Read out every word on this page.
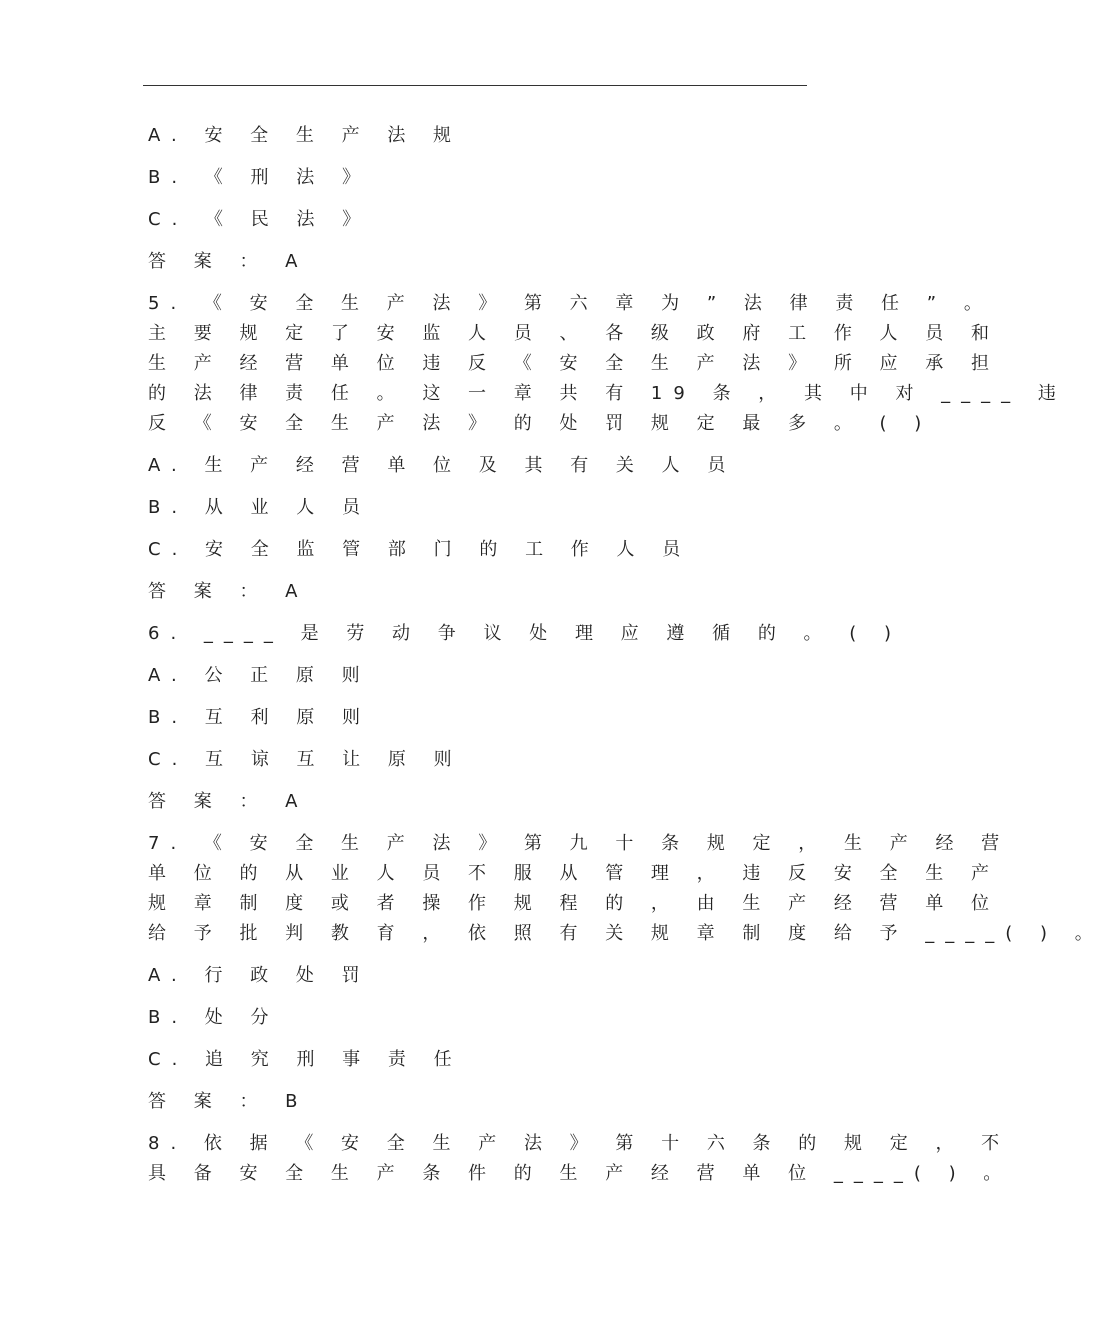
A. 安 全 生 产 法 规
B. 《 刑 法 》
C. 《 民 法 》
答 案 ： A
5. 《 安 全 生 产 法 》 第 六 章 为 ” 法 律 责 任 ” 。
主 要 规 定 了 安 监 人 员 、 各 级 政 府 工 作 人 员 和
生 产 经 营 单 位 违 反 《 安 全 生 产 法 》 所 应 承 担
的 法 律 责 任 。 这 一 章 共 有 19 条 ， 其 中 对 ____ 违
反 《 安 全 生 产 法 》 的 处 罚 规 定 最 多 。 ( )
A. 生 产 经 营 单 位 及 其 有 关 人 员
B. 从 业 人 员
C. 安 全 监 管 部 门 的 工 作 人 员
答 案 ： A
6. ____ 是 劳 动 争 议 处 理 应 遵 循 的 。 ( )
A. 公 正 原 则
B. 互 利 原 则
C. 互 谅 互 让 原 则
答 案 ： A
7. 《 安 全 生 产 法 》 第 九 十 条 规 定 ， 生 产 经 营
单 位 的 从 业 人 员 不 服 从 管 理 ， 违 反 安 全 生 产
规 章 制 度 或 者 操 作 规 程 的 ， 由 生 产 经 营 单 位
给 予 批 判 教 育 ， 依 照 有 关 规 章 制 度 给 予 ____( ) 。
A. 行 政 处 罚
B. 处 分
C. 追 究 刑 事 责 任
答 案 ： B
8. 依 据 《 安 全 生 产 法 》 第 十 六 条 的 规 定 ， 不
具 备 安 全 生 产 条 件 的 生 产 经 营 单 位 ____( ) 。
